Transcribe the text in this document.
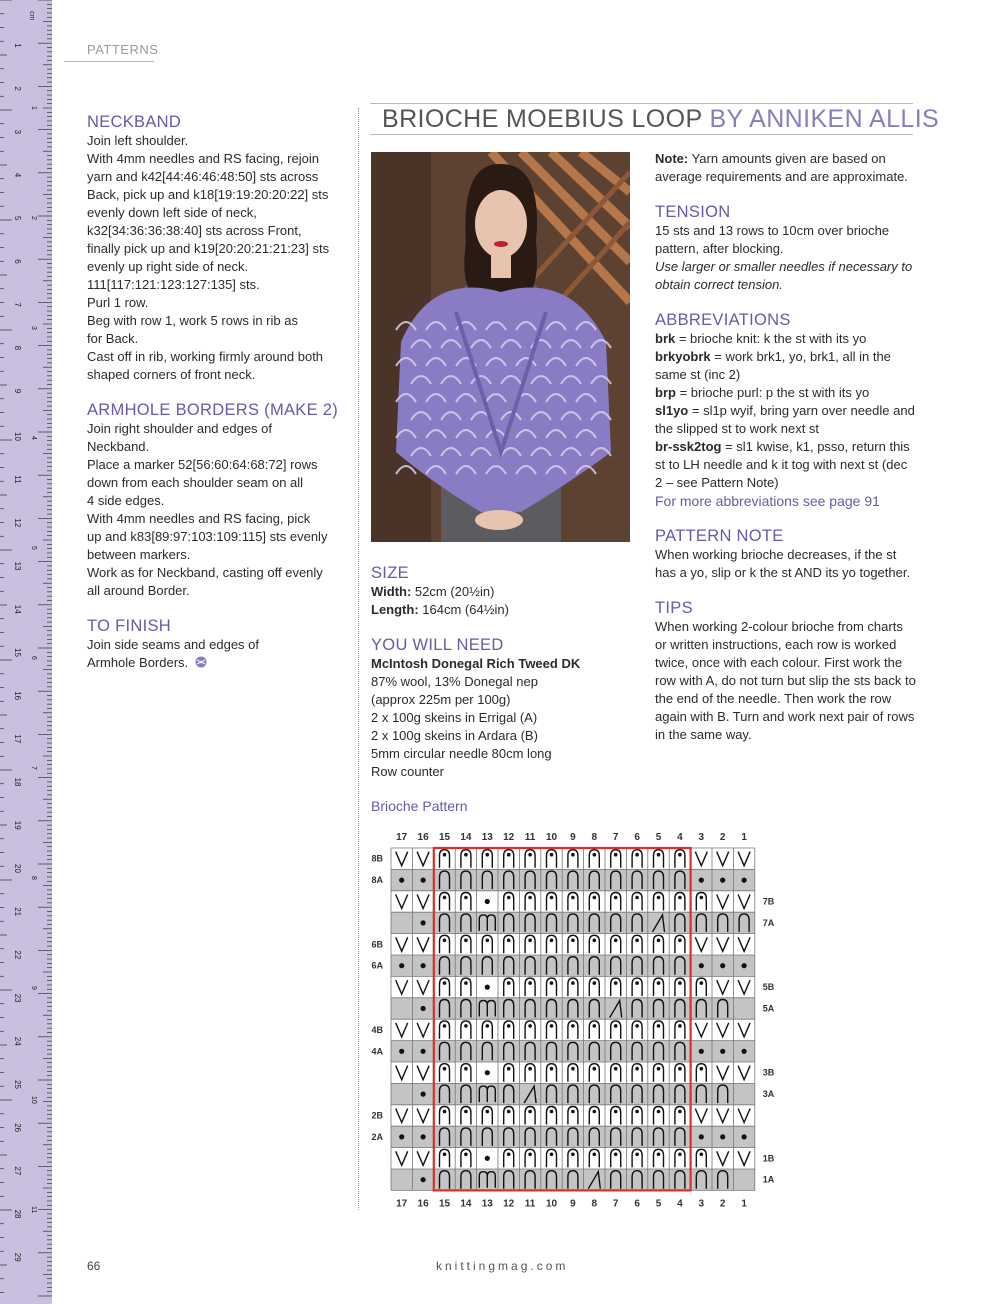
cm
1
2
3
4
5
6
7
8
9
10
11
12
13
14
15
16
17
18
19
20
21
22
23
24
25
26
27
28
29
1
2
3
4
5
6
7
8
9
10
11
PATTERNS
NECKBAND

Join left shoulder.

With 4mm needles and RS facing, rejoin

yarn and k42[44:46:46:48:50] sts across

Back, pick up and k18[19:19:20:20:22] sts

evenly down left side of neck,

k32[34:36:36:38:40] sts across Front,

finally pick up and k19[20:20:21:21:23] sts

evenly up right side of neck.

111[117:121:123:127:135] sts.

Purl 1 row.

Beg with row 1, work 5 rows in rib as

for Back.

Cast off in rib, working firmly around both

shaped corners of front neck.

ARMHOLE BORDERS (MAKE 2)

Join right shoulder and edges of

Neckband.

Place a marker 52[56:60:64:68:72] rows

down from each shoulder seam on all

4 side edges.

With 4mm needles and RS facing, pick

up and k83[89:97:103:109:115] sts evenly

between markers.

Work as for Neckband, casting off evenly

all around Border.

TO FINISH

Join side seams and edges of

Armhole Borders.

BRIOCHE MOEBIUS LOOP BY ANNIKEN ALLIS
SIZE

Width: 52cm (20½in)

Length: 164cm (64½in)

YOU WILL NEED

McIntosh Donegal Rich Tweed DK

87% wool, 13% Donegal nep

(approx 225m per 100g)

2 x 100g skeins in Errigal (A)

2 x 100g skeins in Ardara (B)

5mm circular needle 80cm long

Row counter

Note: Yarn amounts given are based on average requirements and are approximate.

TENSION

15 sts and 13 rows to 10cm over brioche pattern, after blocking.

Use larger or smaller needles if necessary to obtain correct tension.

ABBREVIATIONS

brk = brioche knit: k the st with its yo

brkyobrk = work brk1, yo, brk1, all in the same st (inc 2)

brp = brioche purl: p the st with its yo

sl1yo = sl1p wyif, bring yarn over needle and the slipped st to work next st

br-ssk2tog = sl1 kwise, k1, psso, return this st to LH needle and k it tog with next st (dec 2 – see Pattern Note)

For more abbreviations see page 91

PATTERN NOTE

When working brioche decreases, if the st has a yo, slip or k the st AND its yo together.

TIPS

When working 2-colour brioche from charts or written instructions, each row is worked twice, once with each colour. First work the row with A, do not turn but slip the sts back to the end of the needle. Then work the row again with B. Turn and work next pair of rows in the same way.

Brioche Pattern
17
17
16
16
15
15
14
14
13
13
12
12
11
11
10
10
9
9
8
8
7
7
6
6
5
5
4
4
3
3
2
2
1
1
8B
8A
6B
6A
4B
4A
2B
2A
7B
7A
5B
5A
3B
3A
1B
1A
66	knittingmag.com
